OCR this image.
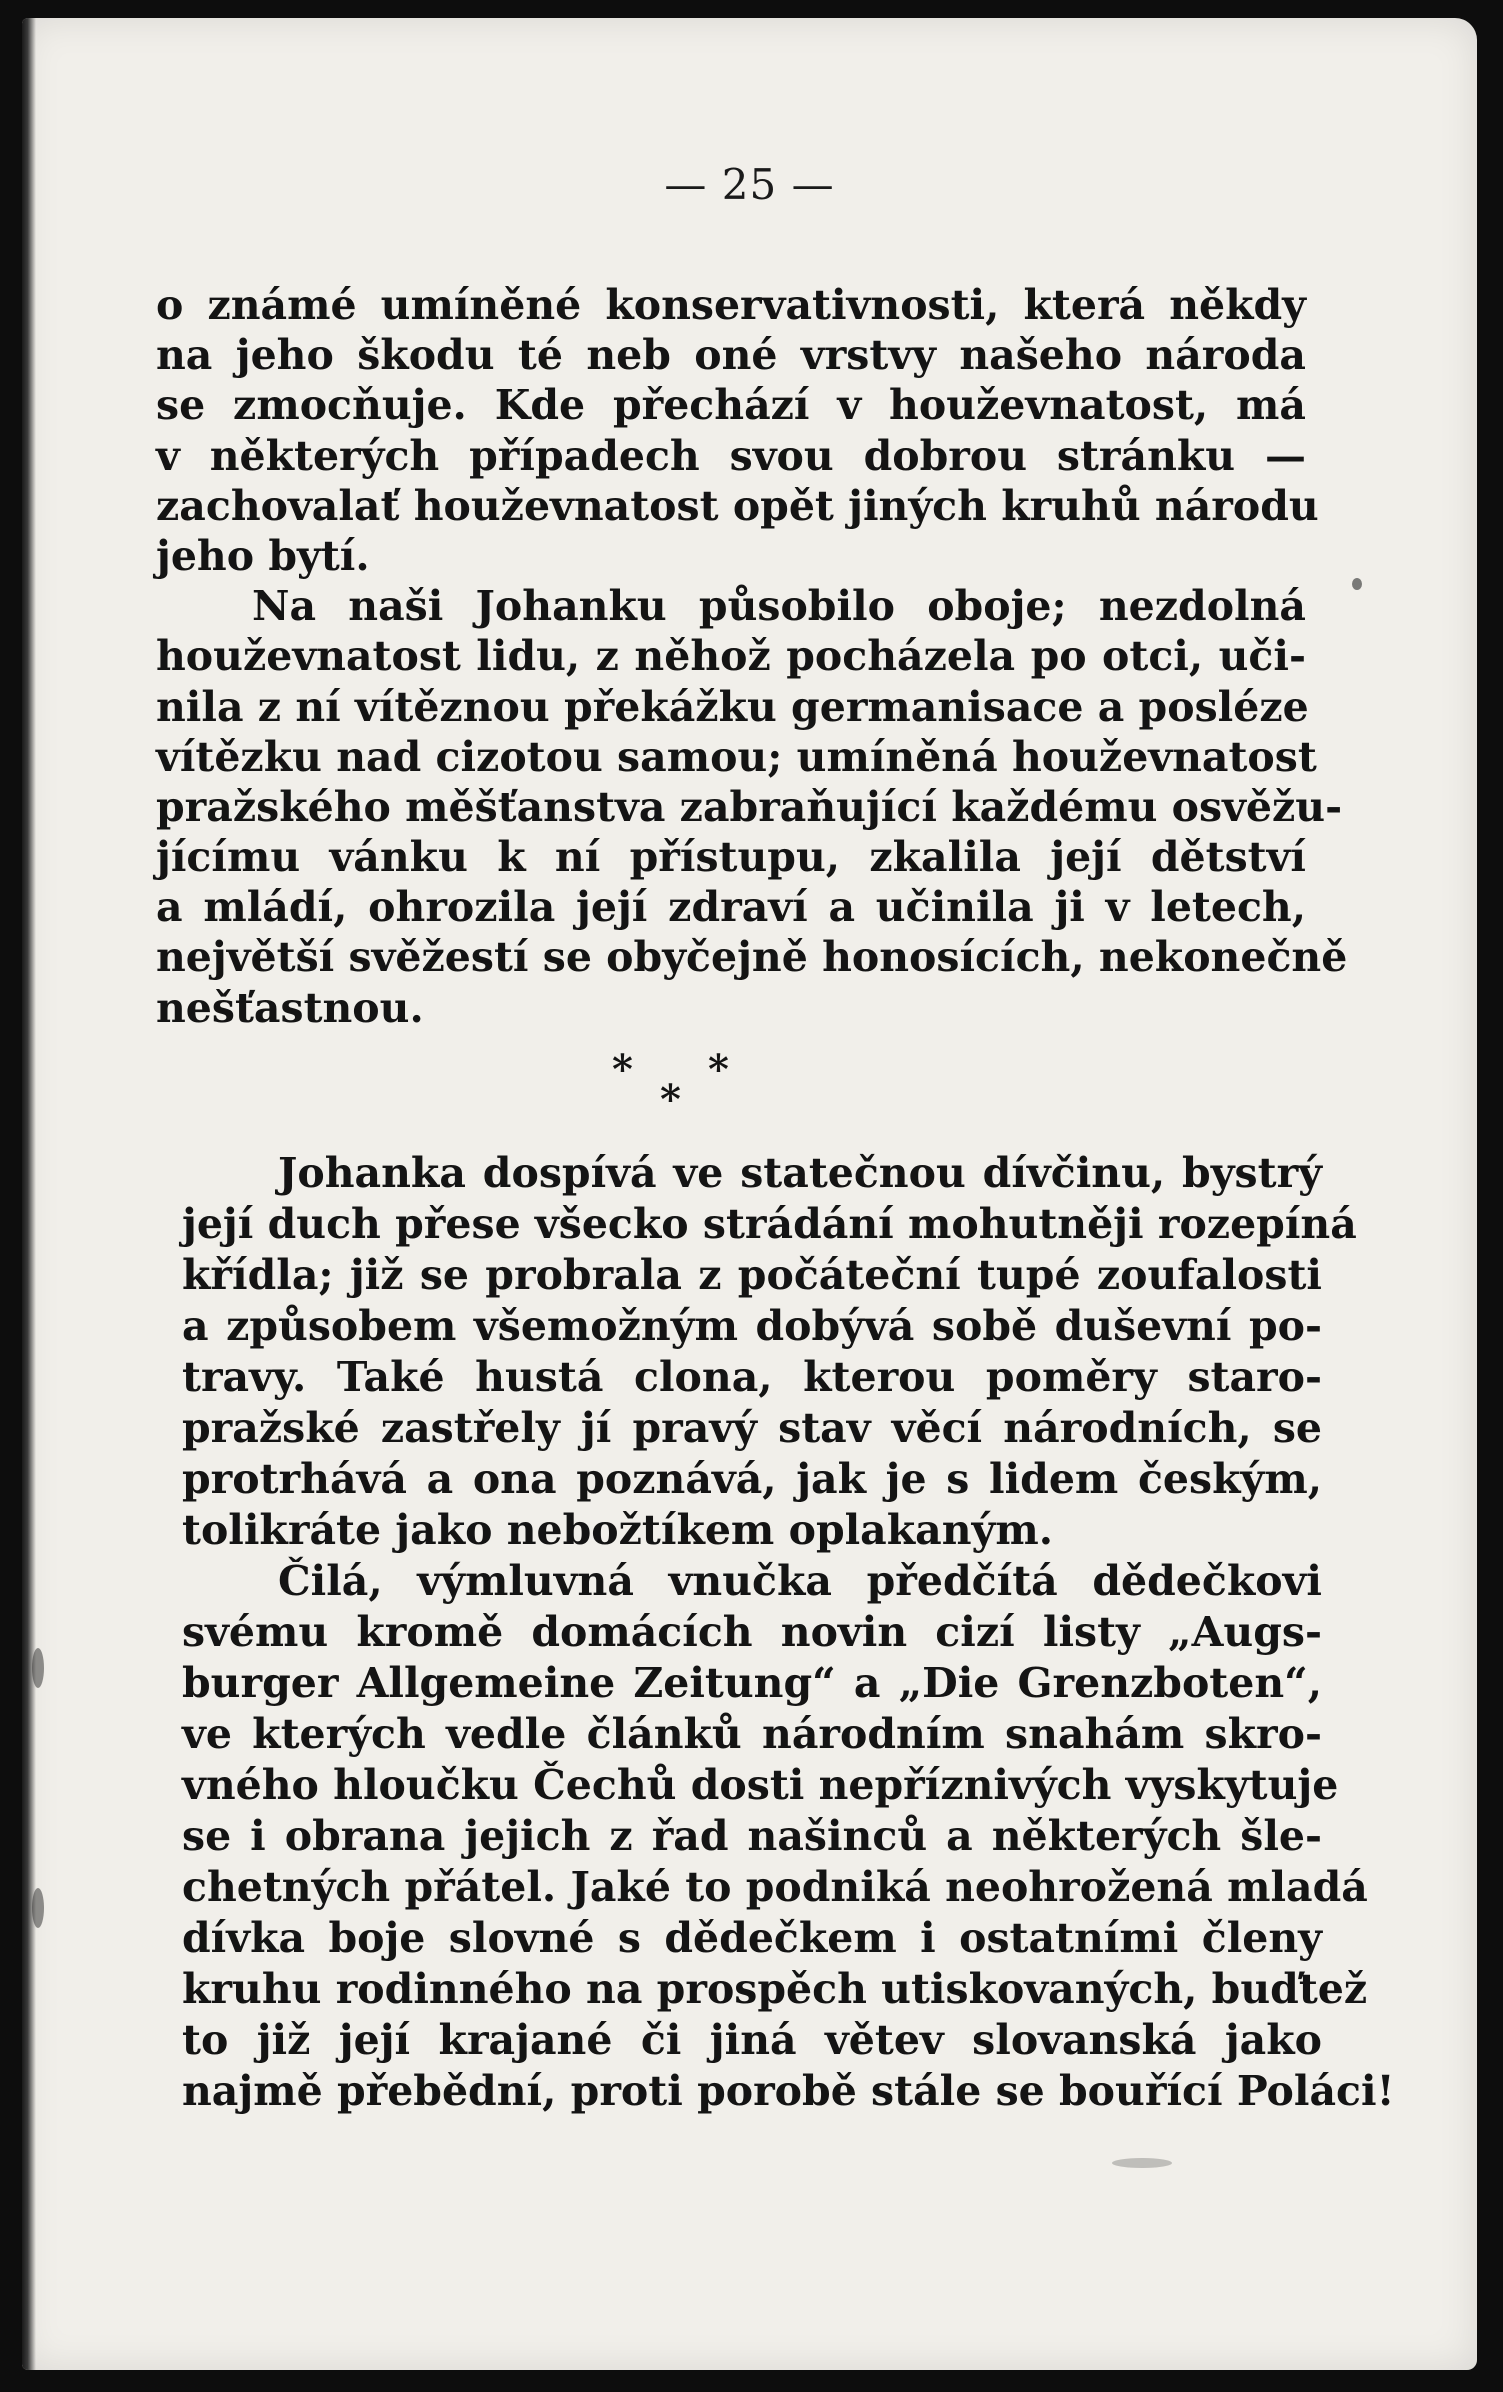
— 25 —
o známé umíněné konservativnosti, která někdy
na jeho škodu té neb oné vrstvy našeho národa
se zmocňuje. Kde přechází v houževnatost, má
v některých případech svou dobrou stránku —
zachovalať houževnatost opět jiných kruhů národu
jeho bytí.
Na naši Johanku působilo oboje; nezdolná
houževnatost lidu, z něhož pocházela po otci, uči-
nila z ní vítěznou překážku germanisace a posléze
vítězku nad cizotou samou; umíněná houževnatost
pražského měšťanstva zabraňující každému osvěžu-
jícímu vánku k ní přístupu, zkalila její dětství
a mládí, ohrozila její zdraví a učinila ji v letech,
největší svěžestí se obyčejně honosících, nekonečně
nešťastnou.
* *
*
Johanka dospívá ve statečnou dívčinu, bystrý
její duch přese všecko strádání mohutněji rozepíná
křídla; již se probrala z počáteční tupé zoufalosti
a způsobem všemožným dobývá sobě duševní po-
travy. Také hustá clona, kterou poměry staro-
pražské zastřely jí pravý stav věcí národních, se
protrhává a ona poznává, jak je s lidem českým,
tolikráte jako nebožtíkem oplakaným.
Čilá, výmluvná vnučka předčítá dědečkovi
svému kromě domácích novin cizí listy „Augs-
burger Allgemeine Zeitung“ a „Die Grenzboten“,
ve kterých vedle článků národním snahám skro-
vného hloučku Čechů dosti nepříznivých vyskytuje
se i obrana jejich z řad našinců a některých šle-
chetných přátel. Jaké to podniká neohrožená mladá
dívka boje slovné s dědečkem i ostatními členy
kruhu rodinného na prospěch utiskovaných, buďtež
to již její krajané či jiná větev slovanská jako
najmě přebědní, proti porobě stále se bouřící Poláci!
